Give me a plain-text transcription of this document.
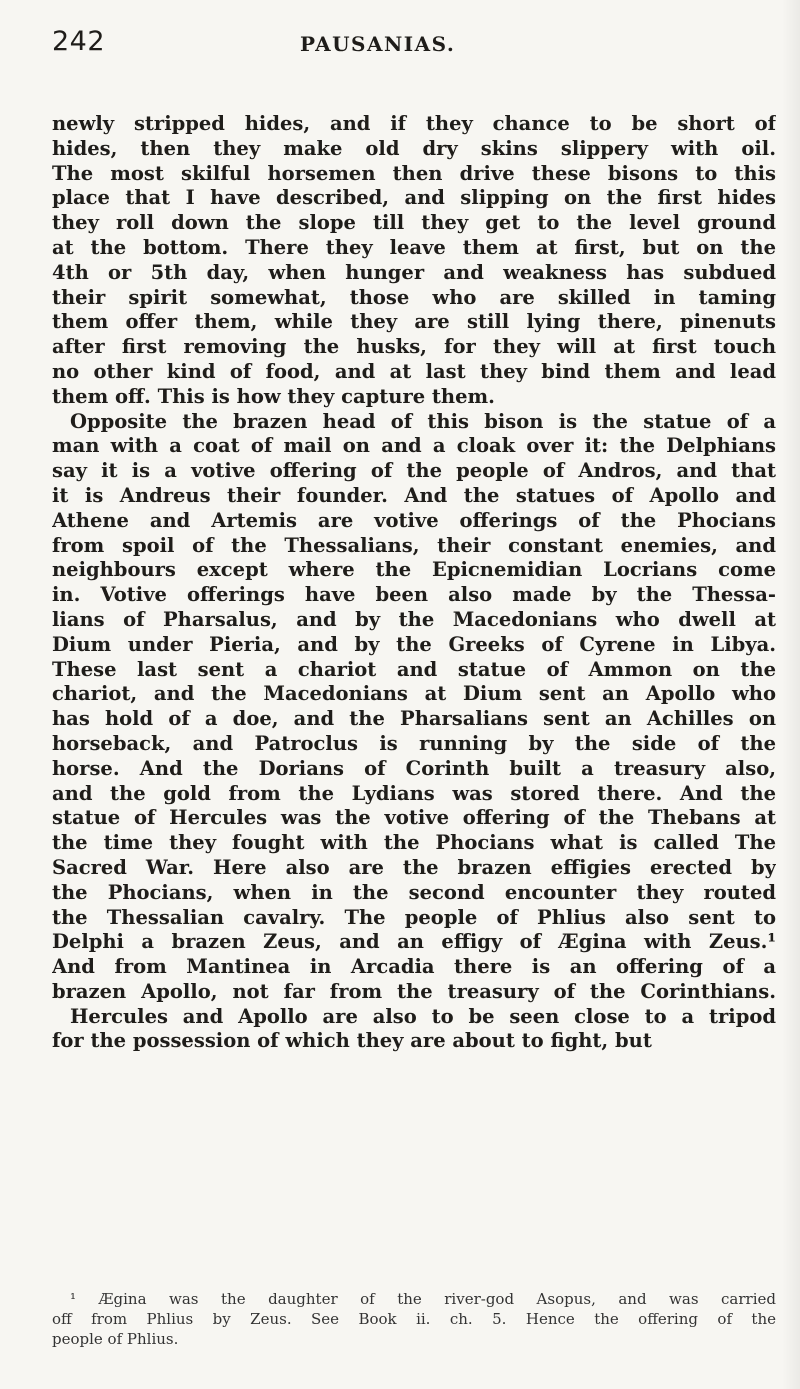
242	PAUSANIAS.
newly stripped hides, and if they chance to be short of
hides, then they make old dry skins slippery with oil.
The most skilful horsemen then drive these bisons to this
place that I have described, and slipping on the first hides
they roll down the slope till they get to the level ground
at the bottom. There they leave them at first, but on the
4th or 5th day, when hunger and weakness has subdued
their spirit somewhat, those who are skilled in taming
them offer them, while they are still lying there, pinenuts
after first removing the husks, for they will at first touch
no other kind of food, and at last they bind them and lead
them off. This is how they capture them.
Opposite the brazen head of this bison is the statue of a
man with a coat of mail on and a cloak over it: the Delphians
say it is a votive offering of the people of Andros, and that
it is Andreus their founder. And the statues of Apollo and
Athene and Artemis are votive offerings of the Phocians
from spoil of the Thessalians, their constant enemies, and
neighbours except where the Epicnemidian Locrians come
in. Votive offerings have been also made by the Thessa-
lians of Pharsalus, and by the Macedonians who dwell at
Dium under Pieria, and by the Greeks of Cyrene in Libya.
These last sent a chariot and statue of Ammon on the
chariot, and the Macedonians at Dium sent an Apollo who
has hold of a doe, and the Pharsalians sent an Achilles on
horseback, and Patroclus is running by the side of the
horse. And the Dorians of Corinth built a treasury also,
and the gold from the Lydians was stored there. And the
statue of Hercules was the votive offering of the Thebans at
the time they fought with the Phocians what is called The
Sacred War. Here also are the brazen effigies erected by
the Phocians, when in the second encounter they routed
the Thessalian cavalry. The people of Phlius also sent to
Delphi a brazen Zeus, and an effigy of Ægina with Zeus.¹
And from Mantinea in Arcadia there is an offering of a
brazen Apollo, not far from the treasury of the Corinthians.
Hercules and Apollo are also to be seen close to a tripod
for the possession of which they are about to fight, but
¹ Ægina was the daughter of the river-god Asopus, and was carried
off from Phlius by Zeus. See Book ii. ch. 5. Hence the offering of the
people of Phlius.
